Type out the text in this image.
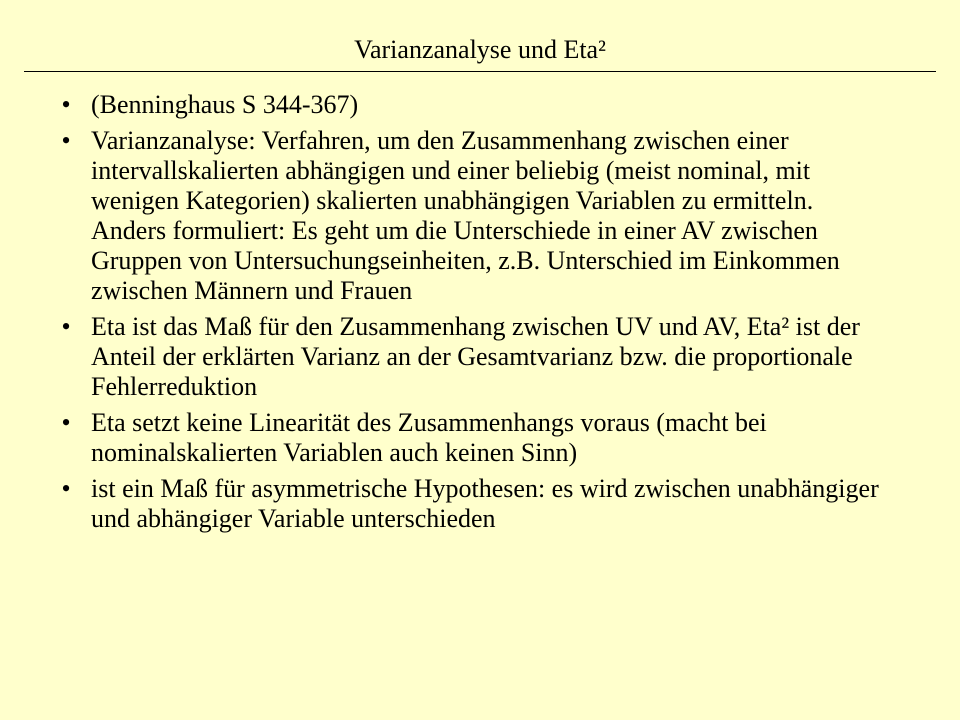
Varianzanalyse und Eta²
• (Benninghaus S 344-367)
• Varianzanalyse: Verfahren, um den Zusammenhang zwischen einer intervallskalierten abhängigen und einer beliebig (meist nominal, mit wenigen Kategorien) skalierten unabhängigen Variablen zu ermitteln. Anders formuliert: Es geht um die Unterschiede in einer AV zwischen Gruppen von Untersuchungseinheiten, z.B. Unterschied im Einkommen zwischen Männern und Frauen
• Eta ist das Maß für den Zusammenhang zwischen UV und AV, Eta² ist der Anteil der erklärten Varianz an der Gesamtvarianz bzw. die proportionale Fehlerreduktion
• Eta setzt keine Linearität des Zusammenhangs voraus (macht bei nominalskalierten Variablen auch keinen Sinn)
• ist ein Maß für asymmetrische Hypothesen: es wird zwischen unabhängiger und abhängiger Variable unterschieden
